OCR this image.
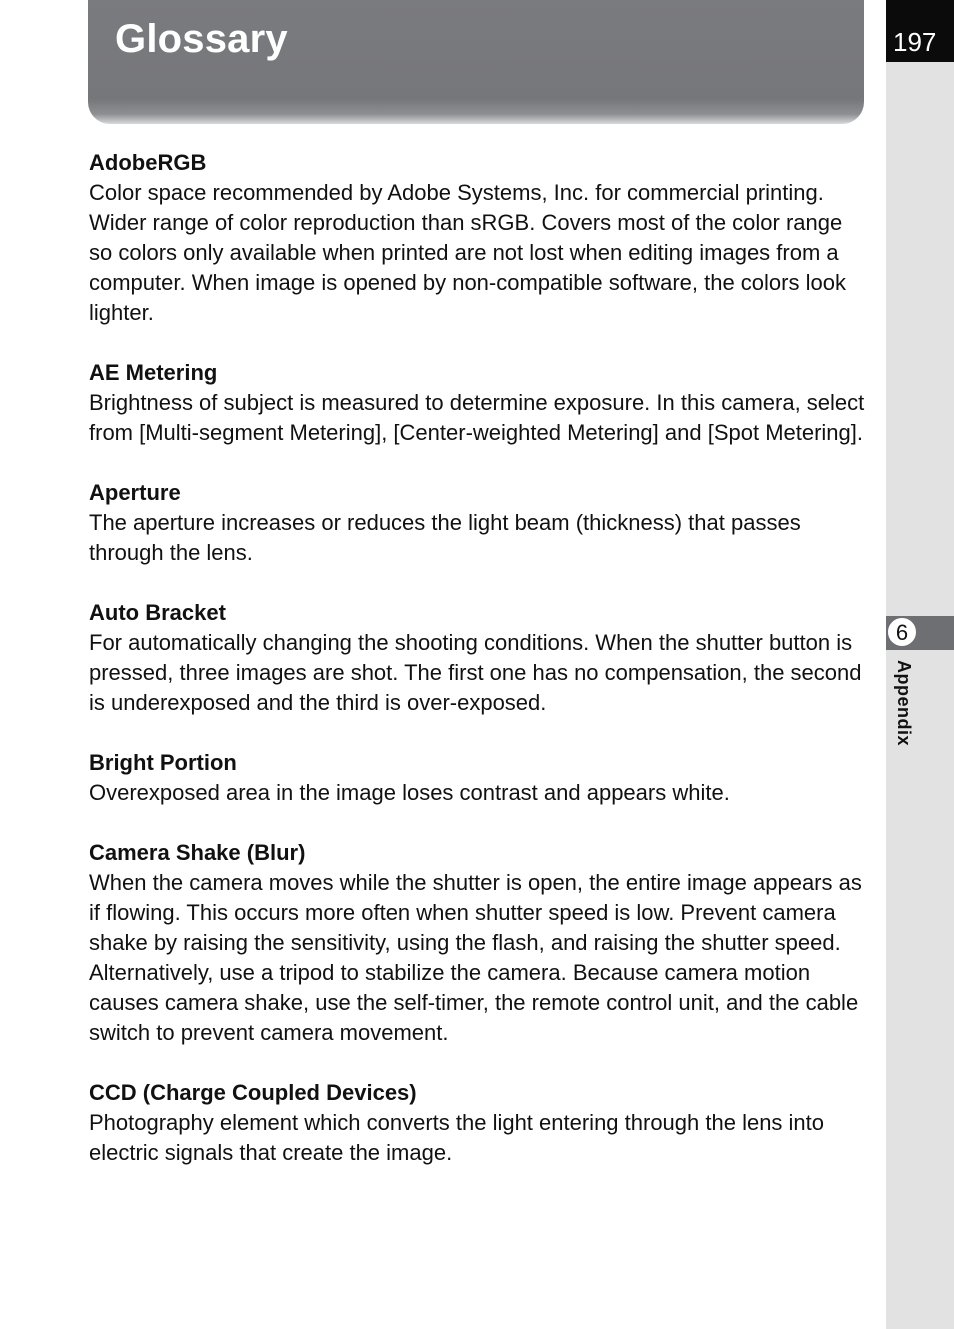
Glossary	197
6
Appendix

AdobeRGB

Color space recommended by Adobe Systems, Inc. for commercial printing. Wider range of color reproduction than sRGB. Covers most of the color range so colors only available when printed are not lost when editing images from a computer. When image is opened by non-compatible software, the colors look lighter.

AE Metering

Brightness of subject is measured to determine exposure. In this camera, select from [Multi-segment Metering], [Center-weighted Metering] and [Spot Metering].

Aperture

The aperture increases or reduces the light beam (thickness) that passes through the lens.

Auto Bracket

For automatically changing the shooting conditions. When the shutter button is pressed, three images are shot. The first one has no compensation, the second is underexposed and the third is over-exposed.

Bright Portion

Overexposed area in the image loses contrast and appears white.

Camera Shake (Blur)

When the camera moves while the shutter is open, the entire image appears as if flowing. This occurs more often when shutter speed is low. Prevent camera shake by raising the sensitivity, using the flash, and raising the shutter speed. Alternatively, use a tripod to stabilize the camera. Because camera motion causes camera shake, use the self-timer, the remote control unit, and the cable switch to prevent camera movement.

CCD (Charge Coupled Devices)

Photography element which converts the light entering through the lens into electric signals that create the image.
